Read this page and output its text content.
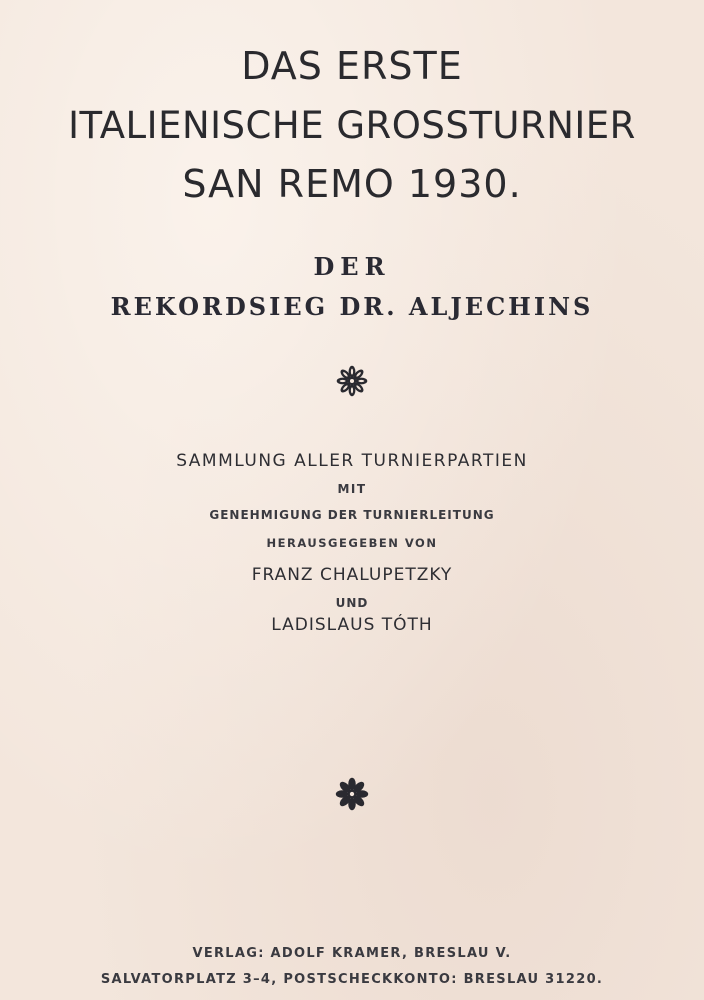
DAS ERSTE
ITALIENISCHE GROSSTURNIER
SAN REMO 1930.
DER
REKORDSIEG DR. ALJECHINS
SAMMLUNG ALLER TURNIERPARTIEN
MIT
GENEHMIGUNG DER TURNIERLEITUNG
HERAUSGEGEBEN VON
FRANZ CHALUPETZKY
UND
LADISLAUS TÓTH
VERLAG: ADOLF KRAMER, BRESLAU V.
SALVATORPLATZ 3–4, POSTSCHECKKONTO: BRESLAU 31220.
